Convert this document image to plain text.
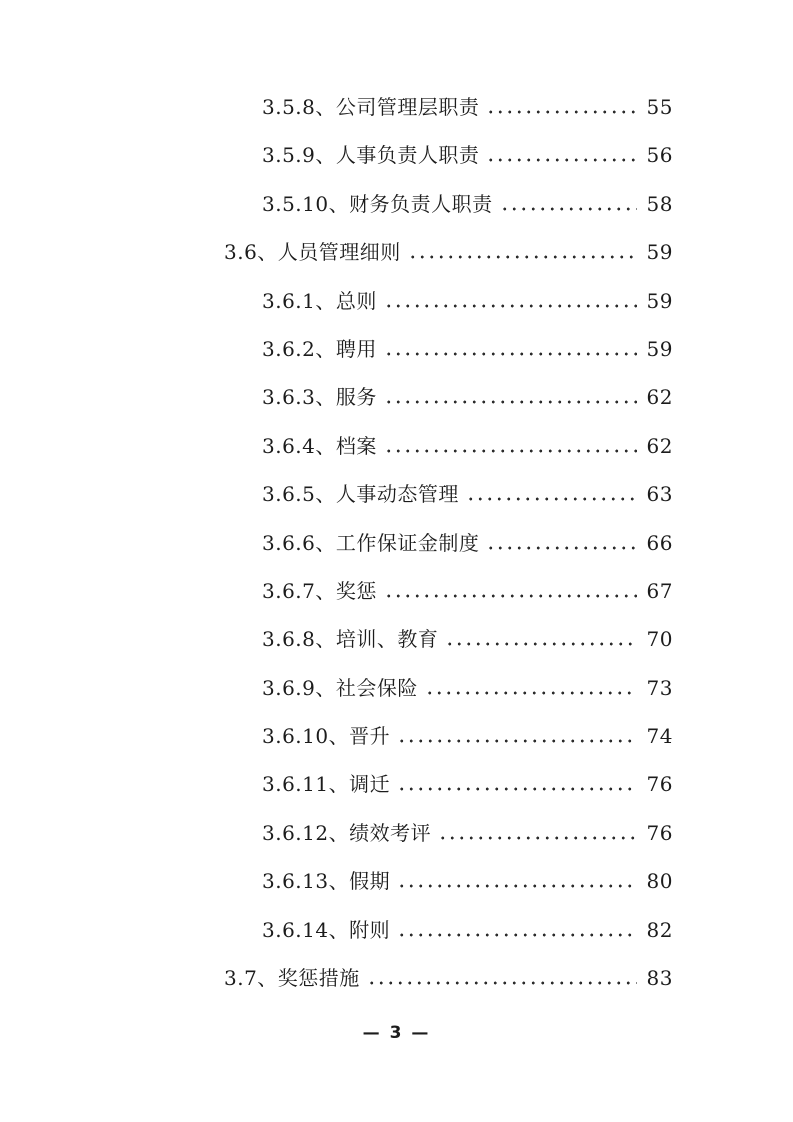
3.5.8、公司管理层职责	55
3.5.9、人事负责人职责	56
3.5.10、财务负责人职责	58
3.6、人员管理细则	59
3.6.1、总则	59
3.6.2、聘用	59
3.6.3、服务	62
3.6.4、档案	62
3.6.5、人事动态管理	63
3.6.6、工作保证金制度	66
3.6.7、奖惩	67
3.6.8、培训、教育	70
3.6.9、社会保险	73
3.6.10、晋升	74
3.6.11、调迁	76
3.6.12、绩效考评	76
3.6.13、假期	80
3.6.14、附则	82
3.7、奖惩措施	83
— 3 —
